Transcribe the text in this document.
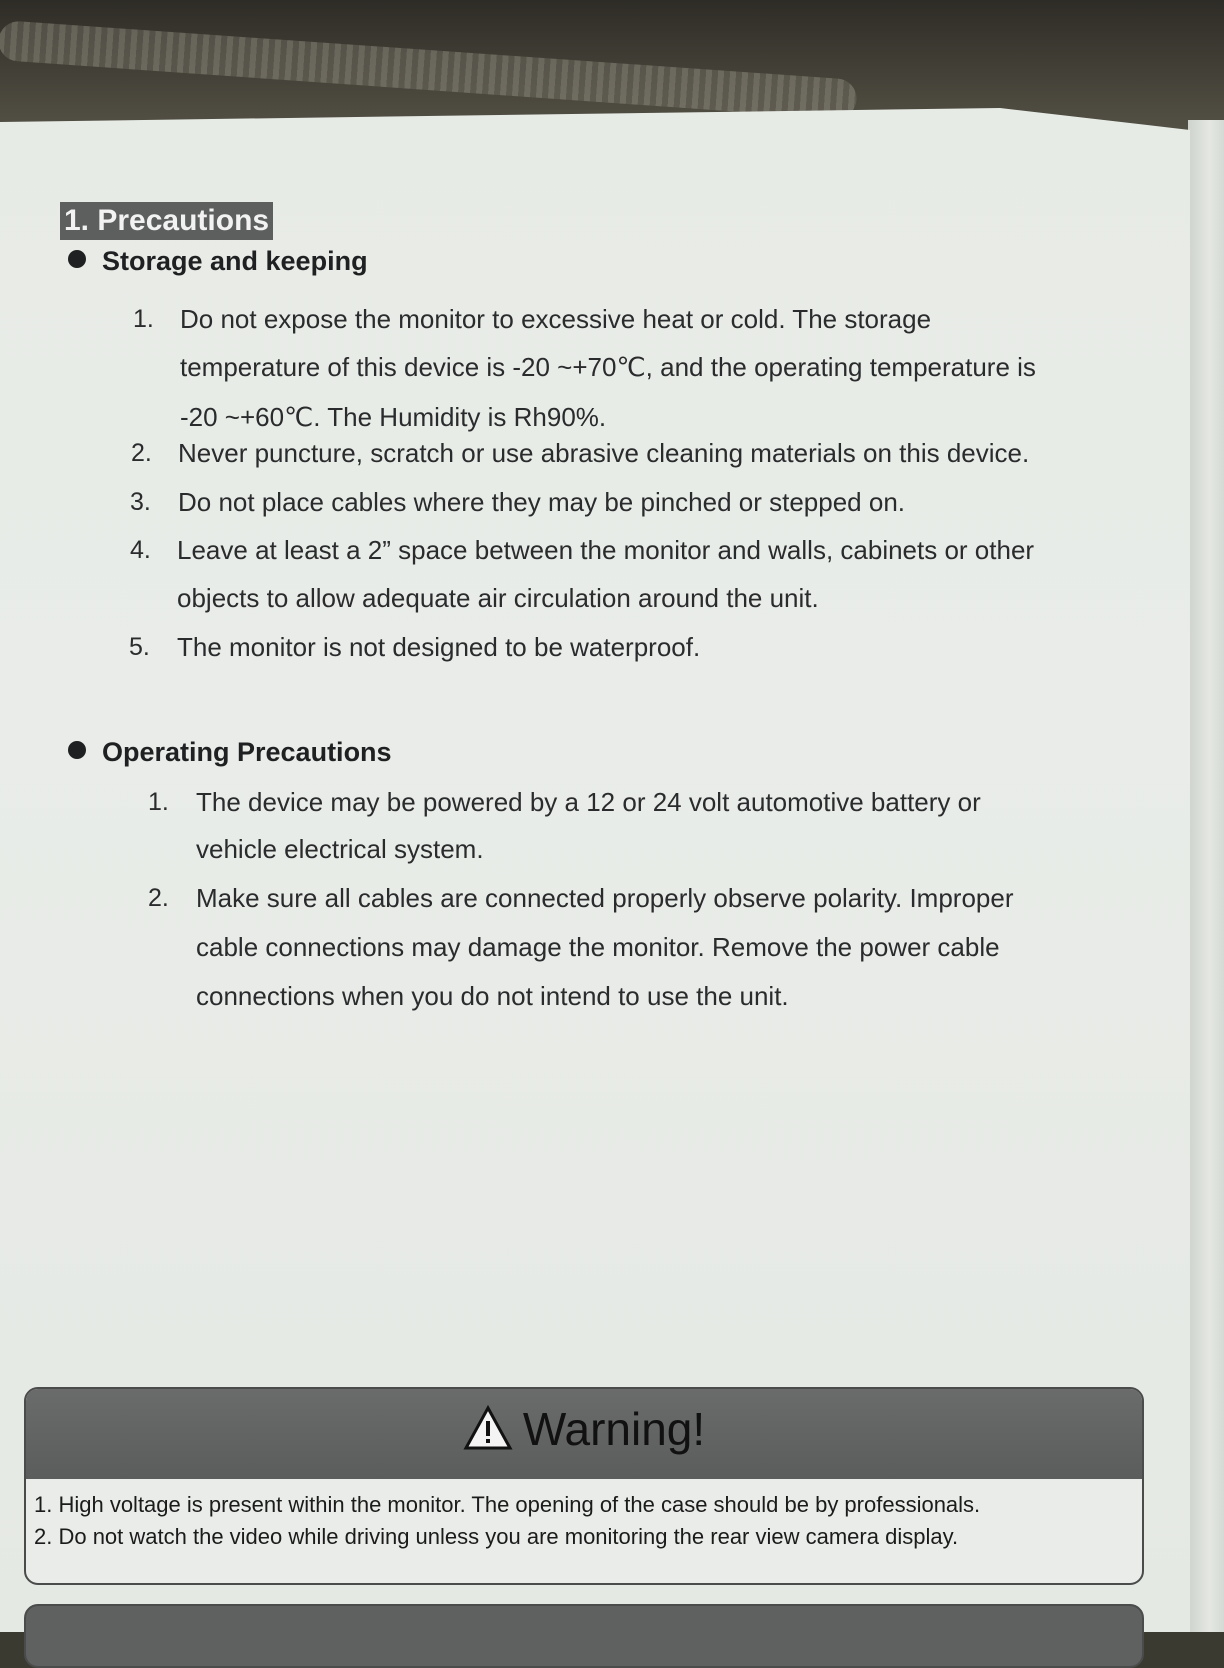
1. Precautions
Storage and keeping
1. Do not expose the monitor to excessive heat or cold. The storage
temperature of this device is -20 ~+70℃, and the operating temperature is
-20 ~+60℃. The Humidity is Rh90%.
2. Never puncture, scratch or use abrasive cleaning materials on this device.
3. Do not place cables where they may be pinched or stepped on.
4. Leave at least a 2” space between the monitor and walls, cabinets or other
objects to allow adequate air circulation around the unit.
5. The monitor is not designed to be waterproof.
Operating Precautions
1. The device may be powered by a 12 or 24 volt automotive battery or
vehicle electrical system.
2. Make sure all cables are connected properly observe polarity. Improper
cable connections may damage the monitor. Remove the power cable
connections when you do not intend to use the unit.
Warning!
1. High voltage is present within the monitor. The opening of the case should be by professionals.
2. Do not watch the video while driving unless you are monitoring the rear view camera display.
